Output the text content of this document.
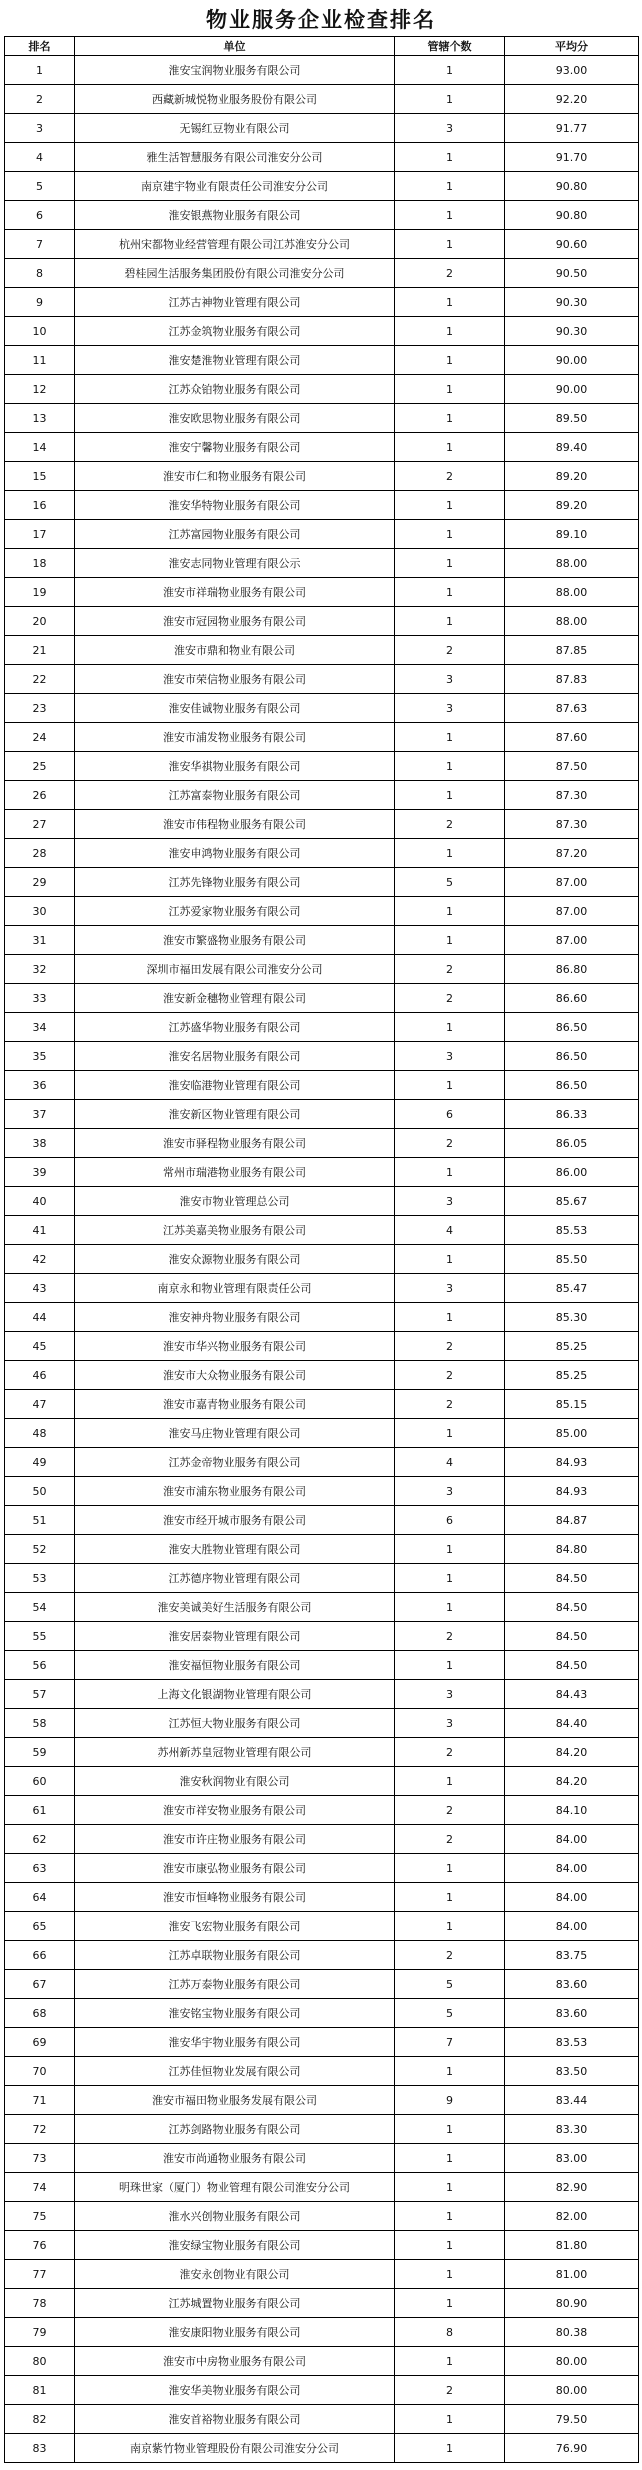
物业服务企业检查排名
排名	单位	管辖个数	平均分
1	淮安宝润物业服务有限公司	1	93.00
2	西藏新城悦物业服务股份有限公司	1	92.20
3	无锡红豆物业有限公司	3	91.77
4	雅生活智慧服务有限公司淮安分公司	1	91.70
5	南京建宇物业有限责任公司淮安分公司	1	90.80
6	淮安银燕物业服务有限公司	1	90.80
7	杭州宋都物业经营管理有限公司江苏淮安分公司	1	90.60
8	碧桂园生活服务集团股份有限公司淮安分公司	2	90.50
9	江苏古神物业管理有限公司	1	90.30
10	江苏金筑物业服务有限公司	1	90.30
11	淮安楚淮物业管理有限公司	1	90.00
12	江苏众铂物业服务有限公司	1	90.00
13	淮安欧思物业服务有限公司	1	89.50
14	淮安宁馨物业服务有限公司	1	89.40
15	淮安市仁和物业服务有限公司	2	89.20
16	淮安华特物业服务有限公司	1	89.20
17	江苏富园物业服务有限公司	1	89.10
18	淮安志同物业管理有限公示	1	88.00
19	淮安市祥瑞物业服务有限公司	1	88.00
20	淮安市冠园物业服务有限公司	1	88.00
21	淮安市鼎和物业有限公司	2	87.85
22	淮安市荣信物业服务有限公司	3	87.83
23	淮安佳诚物业服务有限公司	3	87.63
24	淮安市浦发物业服务有限公司	1	87.60
25	淮安华祺物业服务有限公司	1	87.50
26	江苏富泰物业服务有限公司	1	87.30
27	淮安市伟程物业服务有限公司	2	87.30
28	淮安申鸿物业服务有限公司	1	87.20
29	江苏先锋物业服务有限公司	5	87.00
30	江苏爱家物业服务有限公司	1	87.00
31	淮安市繁盛物业服务有限公司	1	87.00
32	深圳市福田发展有限公司淮安分公司	2	86.80
33	淮安新金穗物业管理有限公司	2	86.60
34	江苏盛华物业服务有限公司	1	86.50
35	淮安名居物业服务有限公司	3	86.50
36	淮安临港物业管理有限公司	1	86.50
37	淮安新区物业管理有限公司	6	86.33
38	淮安市驿程物业服务有限公司	2	86.05
39	常州市瑞港物业服务有限公司	1	86.00
40	淮安市物业管理总公司	3	85.67
41	江苏美嘉美物业服务有限公司	4	85.53
42	淮安众源物业服务有限公司	1	85.50
43	南京永和物业管理有限责任公司	3	85.47
44	淮安神舟物业服务有限公司	1	85.30
45	淮安市华兴物业服务有限公司	2	85.25
46	淮安市大众物业服务有限公司	2	85.25
47	淮安市嘉青物业服务有限公司	2	85.15
48	淮安马庄物业管理有限公司	1	85.00
49	江苏金帝物业服务有限公司	4	84.93
50	淮安市浦东物业服务有限公司	3	84.93
51	淮安市经开城市服务有限公司	6	84.87
52	淮安大胜物业管理有限公司	1	84.80
53	江苏德序物业管理有限公司	1	84.50
54	淮安美诚美好生活服务有限公司	1	84.50
55	淮安居泰物业管理有限公司	2	84.50
56	淮安福恒物业服务有限公司	1	84.50
57	上海文化银湖物业管理有限公司	3	84.43
58	江苏恒大物业服务有限公司	3	84.40
59	苏州新苏皇冠物业管理有限公司	2	84.20
60	淮安秋润物业有限公司	1	84.20
61	淮安市祥安物业服务有限公司	2	84.10
62	淮安市许庄物业服务有限公司	2	84.00
63	淮安市康弘物业服务有限公司	1	84.00
64	淮安市恒峰物业服务有限公司	1	84.00
65	淮安飞宏物业服务有限公司	1	84.00
66	江苏卓联物业服务有限公司	2	83.75
67	江苏万泰物业服务有限公司	5	83.60
68	淮安铭宝物业服务有限公司	5	83.60
69	淮安华宇物业服务有限公司	7	83.53
70	江苏佳恒物业发展有限公司	1	83.50
71	淮安市福田物业服务发展有限公司	9	83.44
72	江苏剑路物业服务有限公司	1	83.30
73	淮安市尚通物业服务有限公司	1	83.00
74	明珠世家（厦门）物业管理有限公司淮安分公司	1	82.90
75	淮水兴创物业服务有限公司	1	82.00
76	淮安绿宝物业服务有限公司	1	81.80
77	淮安永创物业有限公司	1	81.00
78	江苏城置物业服务有限公司	1	80.90
79	淮安康阳物业服务有限公司	8	80.38
80	淮安市中房物业服务有限公司	1	80.00
81	淮安华美物业服务有限公司	2	80.00
82	淮安首裕物业服务有限公司	1	79.50
83	南京紫竹物业管理股份有限公司淮安分公司	1	76.90
